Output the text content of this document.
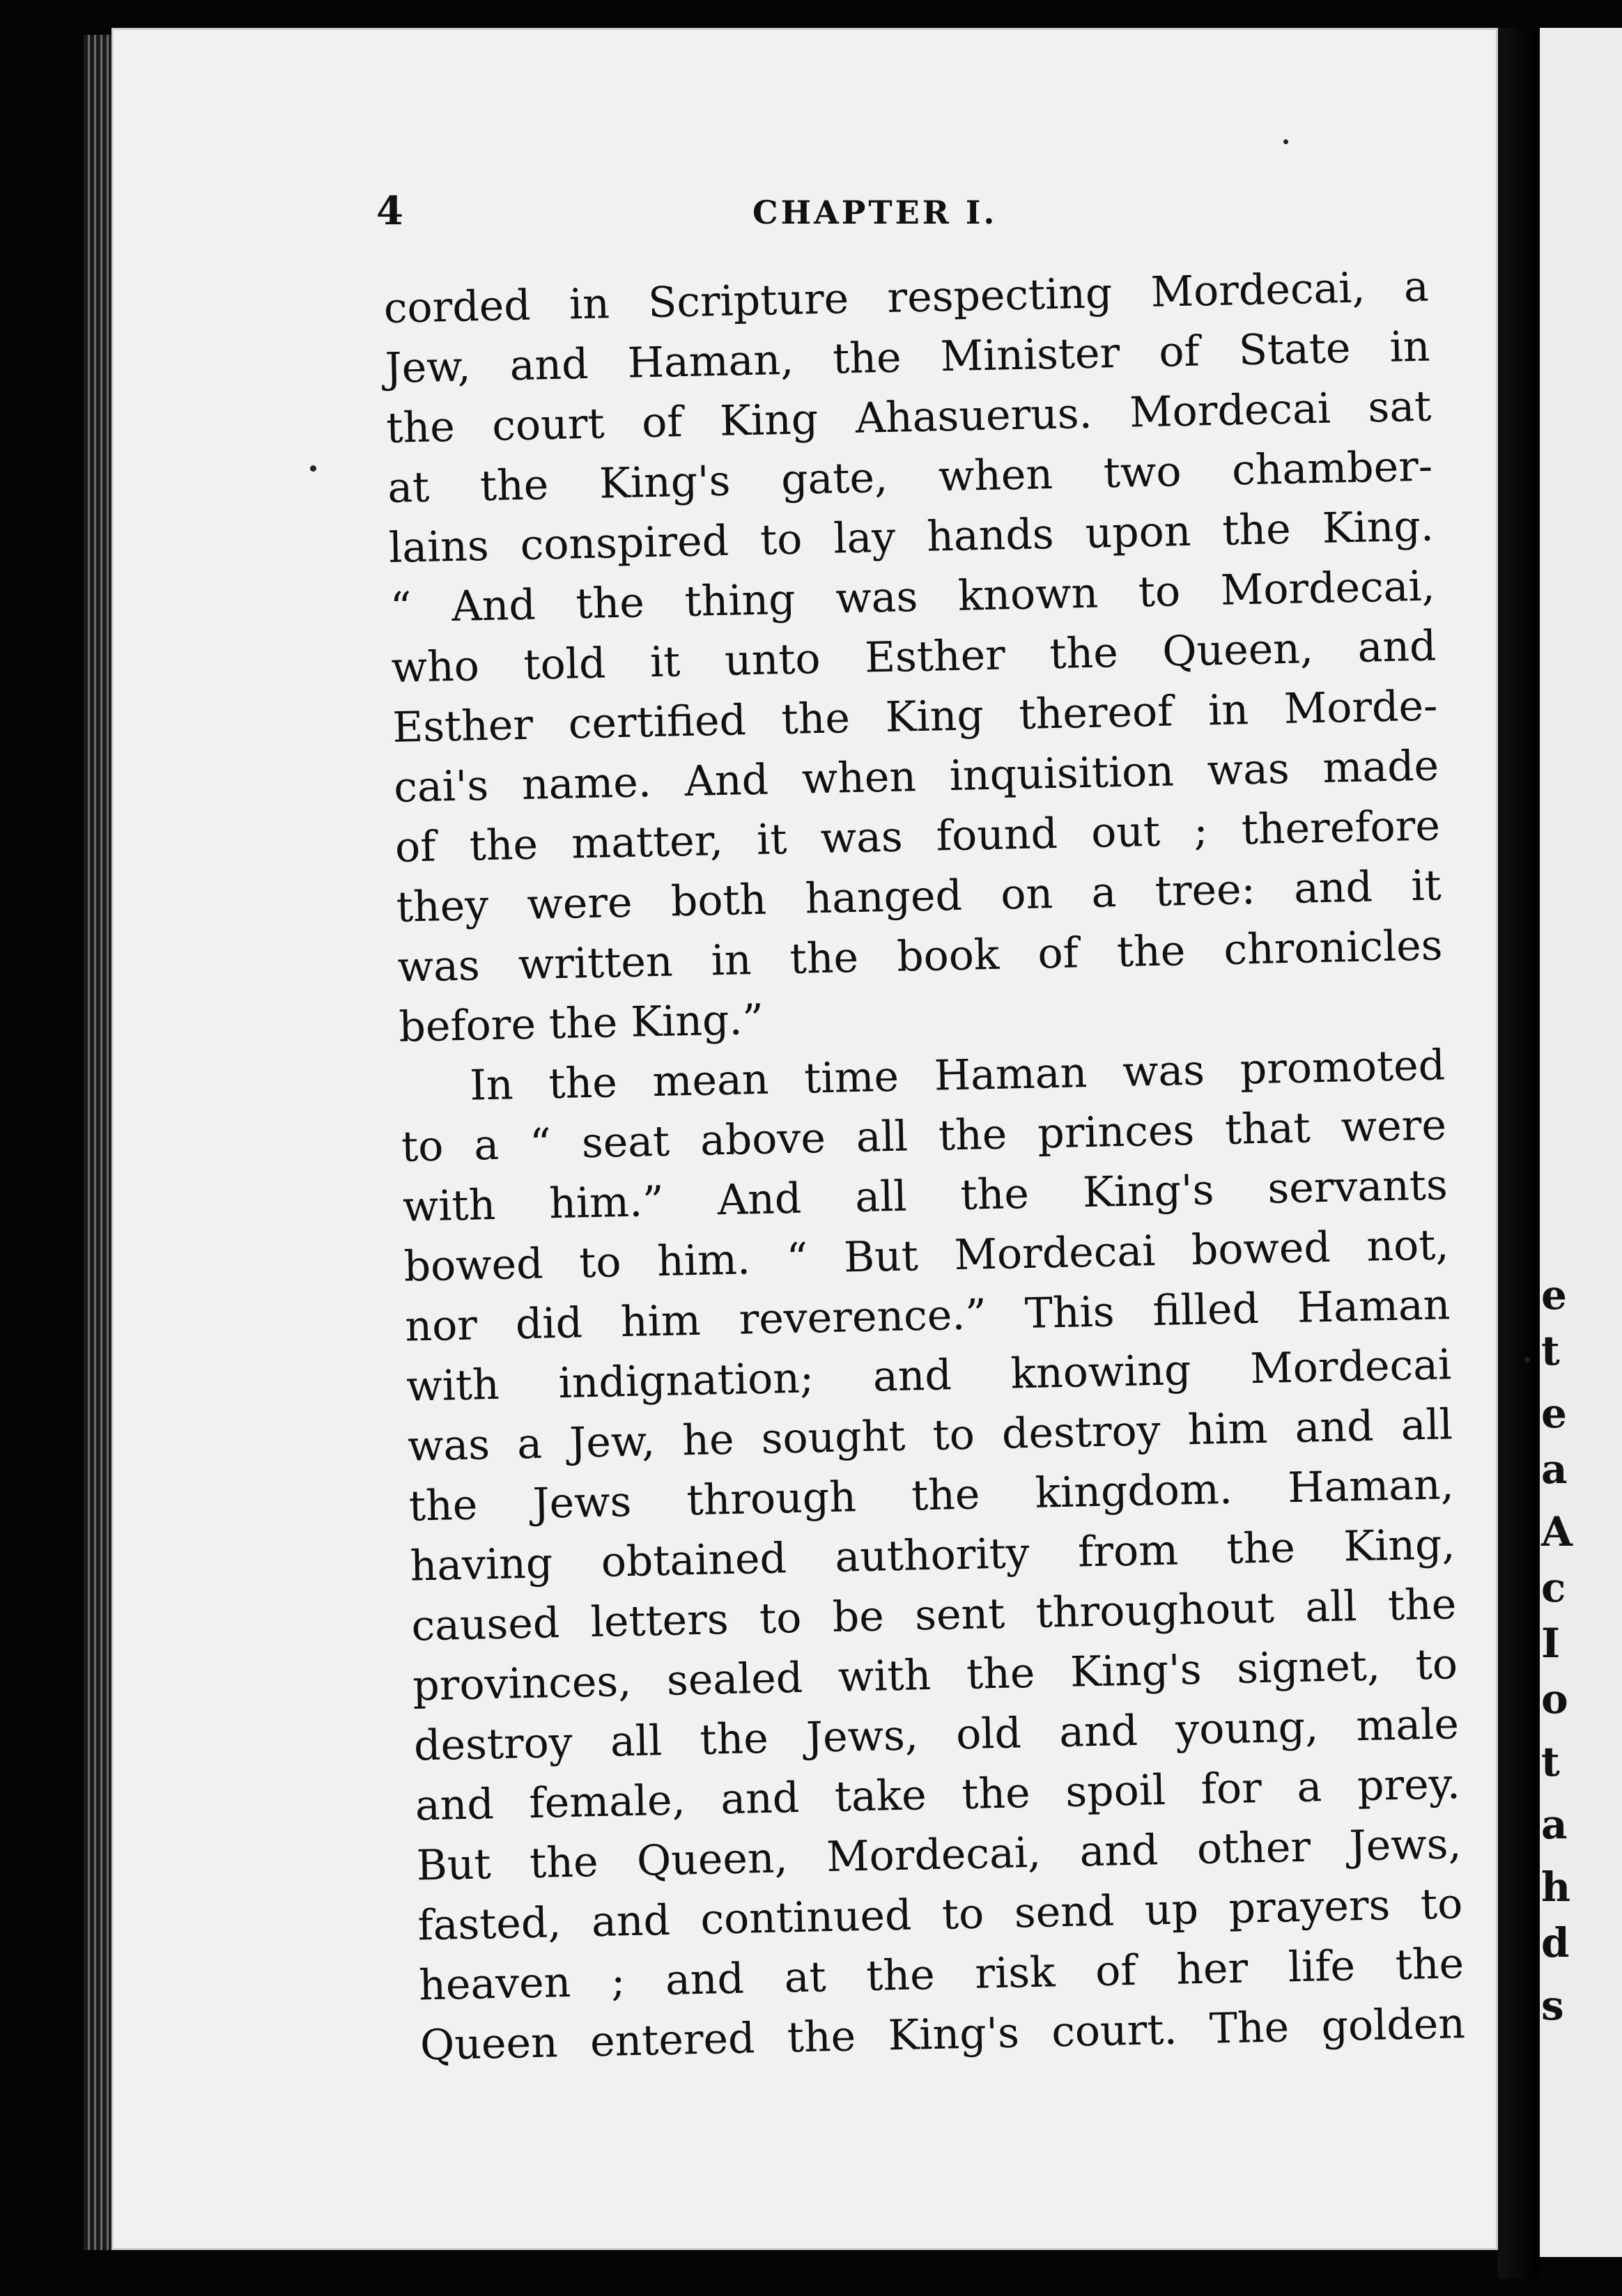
e
t
e
a
A
c
I
o
t
a
h
d
s
4	CHAPTER I.
corded in Scripture respecting Mordecai, a
Jew, and Haman, the Minister of State in
the court of King Ahasuerus. Mordecai sat
at the King's gate, when two chamber-
lains conspired to lay hands upon the King.
“ And the thing was known to Mordecai,
who told it unto Esther the Queen, and
Esther certified the King thereof in Morde-
cai's name. And when inquisition was made
of the matter, it was found out ; therefore
they were both hanged on a tree: and it
was written in the book of the chronicles
before the King.”
In the mean time Haman was promoted
to a “ seat above all the princes that were
with him.” And all the King's servants
bowed to him. “ But Mordecai bowed not,
nor did him reverence.” This filled Haman
with indignation; and knowing Mordecai
was a Jew, he sought to destroy him and all
the Jews through the kingdom. Haman,
having obtained authority from the King,
caused letters to be sent throughout all the
provinces, sealed with the King's signet, to
destroy all the Jews, old and young, male
and female, and take the spoil for a prey.
But the Queen, Mordecai, and other Jews,
fasted, and continued to send up prayers to
heaven ; and at the risk of her life the
Queen entered the King's court. The golden
